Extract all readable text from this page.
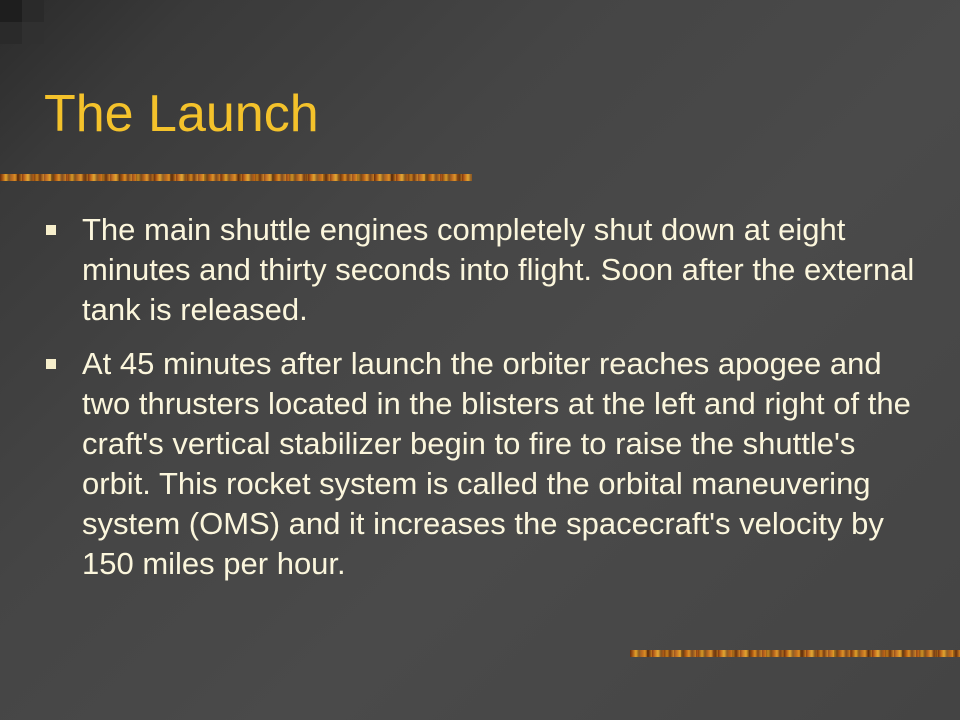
The Launch
The main shuttle engines completely shut down at eight minutes and thirty seconds into flight. Soon after the external tank is released.
At 45 minutes after launch the orbiter reaches apogee and two thrusters located in the blisters at the left and right of the craft's vertical stabilizer begin to fire to raise the shuttle's orbit. This rocket system is called the orbital maneuvering system (OMS) and it increases the spacecraft's velocity by 150 miles per hour.
